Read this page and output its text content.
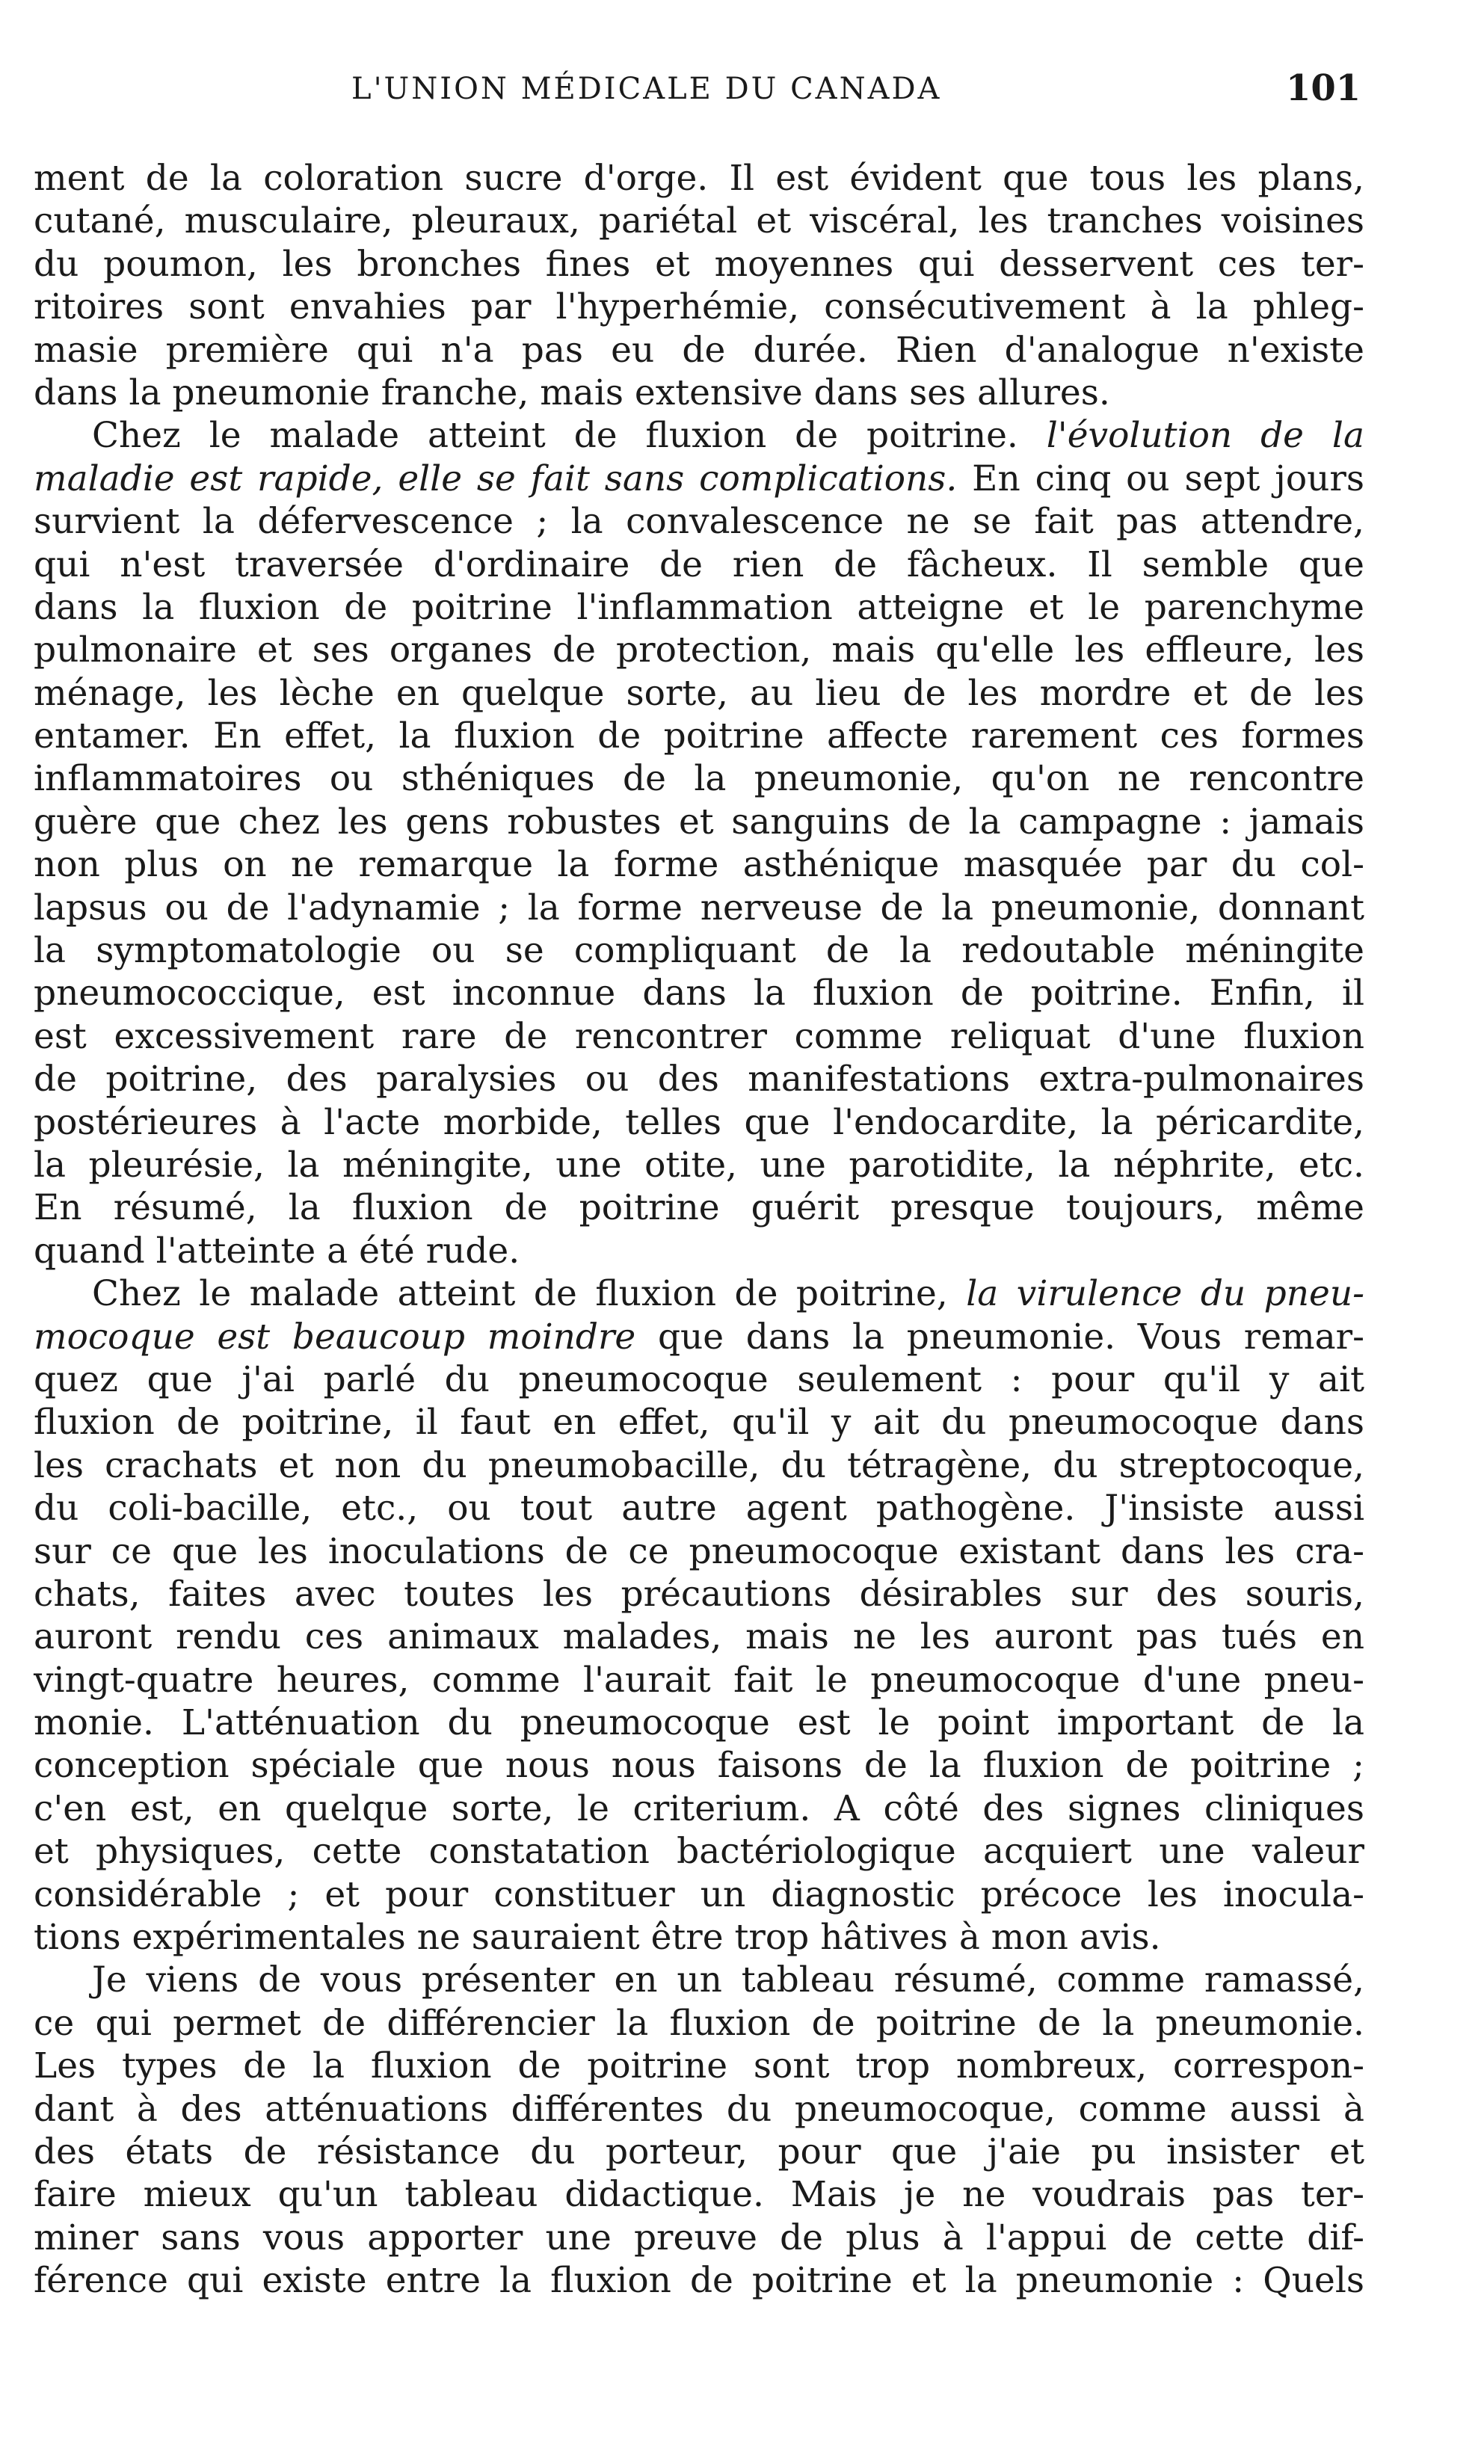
L'UNION MÉDICALE DU CANADA	101
ment de la coloration sucre d'orge. Il est évident que tous les plans,
cutané, musculaire, pleuraux, pariétal et viscéral, les tranches voisines
du poumon, les bronches fines et moyennes qui desservent ces ter-
ritoires sont envahies par l'hyperhémie, consécutivement à la phleg-
masie première qui n'a pas eu de durée. Rien d'analogue n'existe
dans la pneumonie franche, mais extensive dans ses allures.
Chez le malade atteint de fluxion de poitrine. l'évolution de la
maladie est rapide, elle se fait sans complications. En cinq ou sept jours
survient la défervescence ; la convalescence ne se fait pas attendre,
qui n'est traversée d'ordinaire de rien de fâcheux. Il semble que
dans la fluxion de poitrine l'inflammation atteigne et le parenchyme
pulmonaire et ses organes de protection, mais qu'elle les effleure, les
ménage, les lèche en quelque sorte, au lieu de les mordre et de les
entamer. En effet, la fluxion de poitrine affecte rarement ces formes
inflammatoires ou sthéniques de la pneumonie, qu'on ne rencontre
guère que chez les gens robustes et sanguins de la campagne : jamais
non plus on ne remarque la forme asthénique masquée par du col-
lapsus ou de l'adynamie ; la forme nerveuse de la pneumonie, donnant
la symptomatologie ou se compliquant de la redoutable méningite
pneumococcique, est inconnue dans la fluxion de poitrine. Enfin, il
est excessivement rare de rencontrer comme reliquat d'une fluxion
de poitrine, des paralysies ou des manifestations extra-pulmonaires
postérieures à l'acte morbide, telles que l'endocardite, la péricardite,
la pleurésie, la méningite, une otite, une parotidite, la néphrite, etc.
En résumé, la fluxion de poitrine guérit presque toujours, même
quand l'atteinte a été rude.
Chez le malade atteint de fluxion de poitrine, la virulence du pneu-
mocoque est beaucoup moindre que dans la pneumonie. Vous remar-
quez que j'ai parlé du pneumocoque seulement : pour qu'il y ait
fluxion de poitrine, il faut en effet, qu'il y ait du pneumocoque dans
les crachats et non du pneumobacille, du tétragène, du streptocoque,
du coli-bacille, etc., ou tout autre agent pathogène. J'insiste aussi
sur ce que les inoculations de ce pneumocoque existant dans les cra-
chats, faites avec toutes les précautions désirables sur des souris,
auront rendu ces animaux malades, mais ne les auront pas tués en
vingt-quatre heures, comme l'aurait fait le pneumocoque d'une pneu-
monie. L'atténuation du pneumocoque est le point important de la
conception spéciale que nous nous faisons de la fluxion de poitrine ;
c'en est, en quelque sorte, le criterium. A côté des signes cliniques
et physiques, cette constatation bactériologique acquiert une valeur
considérable ; et pour constituer un diagnostic précoce les inocula-
tions expérimentales ne sauraient être trop hâtives à mon avis.
Je viens de vous présenter en un tableau résumé, comme ramassé,
ce qui permet de différencier la fluxion de poitrine de la pneumonie.
Les types de la fluxion de poitrine sont trop nombreux, correspon-
dant à des atténuations différentes du pneumocoque, comme aussi à
des états de résistance du porteur, pour que j'aie pu insister et
faire mieux qu'un tableau didactique. Mais je ne voudrais pas ter-
miner sans vous apporter une preuve de plus à l'appui de cette dif-
férence qui existe entre la fluxion de poitrine et la pneumonie : Quels
